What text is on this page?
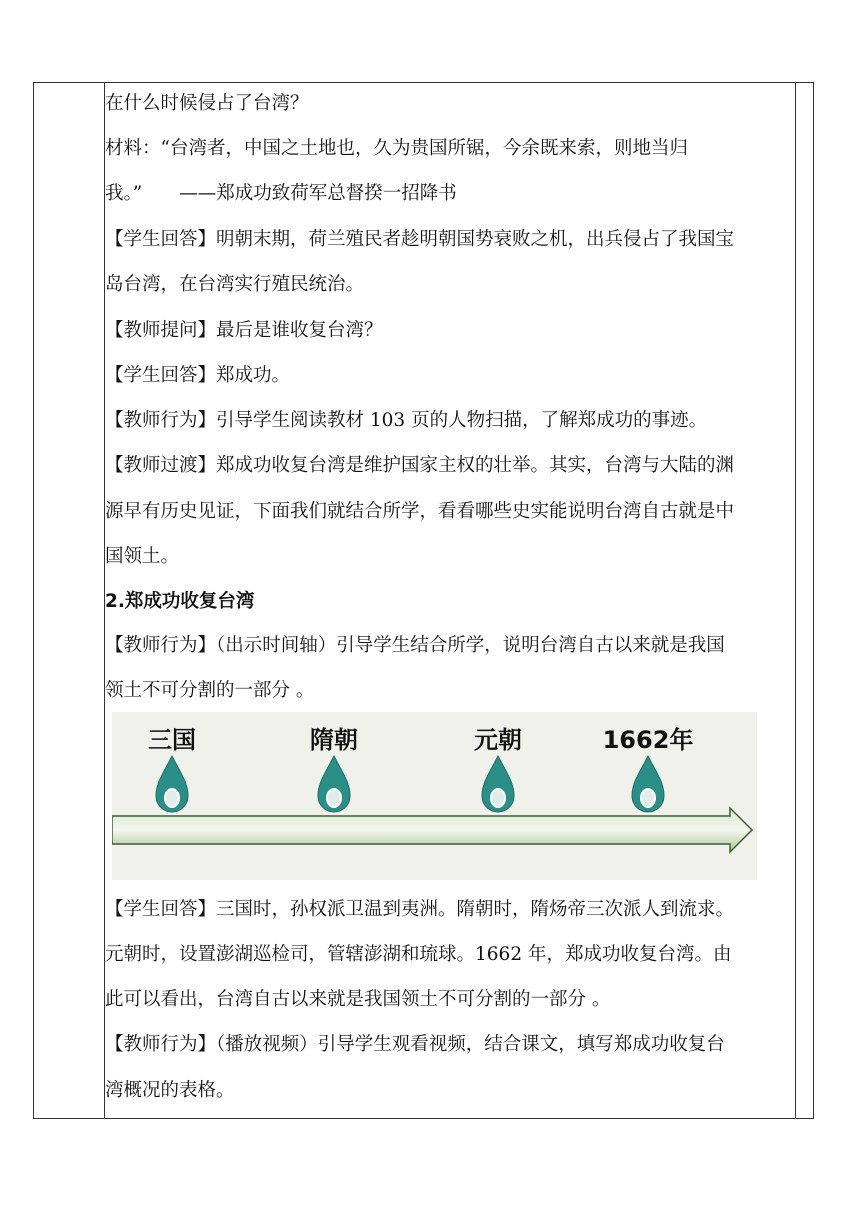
在什么时候侵占了台湾？
材料：“台湾者，中国之土地也，久为贵国所锯，今余既来索，则地当归
我。”　　——郑成功致荷军总督揆一招降书
【学生回答】明朝末期，荷兰殖民者趁明朝国势衰败之机，出兵侵占了我国宝
岛台湾，在台湾实行殖民统治。
【教师提问】最后是谁收复台湾？
【学生回答】郑成功。
【教师行为】引导学生阅读教材 103 页的人物扫描，了解郑成功的事迹。
【教师过渡】郑成功收复台湾是维护国家主权的壮举。其实，台湾与大陆的渊
源早有历史见证，下面我们就结合所学，看看哪些史实能说明台湾自古就是中
国领土。
2.郑成功收复台湾
【教师行为】（出示时间轴）引导学生结合所学，说明台湾自古以来就是我国
领土不可分割的一部分 。
【学生回答】三国时，孙权派卫温到夷洲。隋朝时，隋炀帝三次派人到流求。
元朝时，设置澎湖巡检司，管辖澎湖和琉球。1662 年，郑成功收复台湾。由
此可以看出，台湾自古以来就是我国领土不可分割的一部分 。
【教师行为】（播放视频）引导学生观看视频，结合课文，填写郑成功收复台
湾概况的表格。
三国	隋朝	元朝	1662年
